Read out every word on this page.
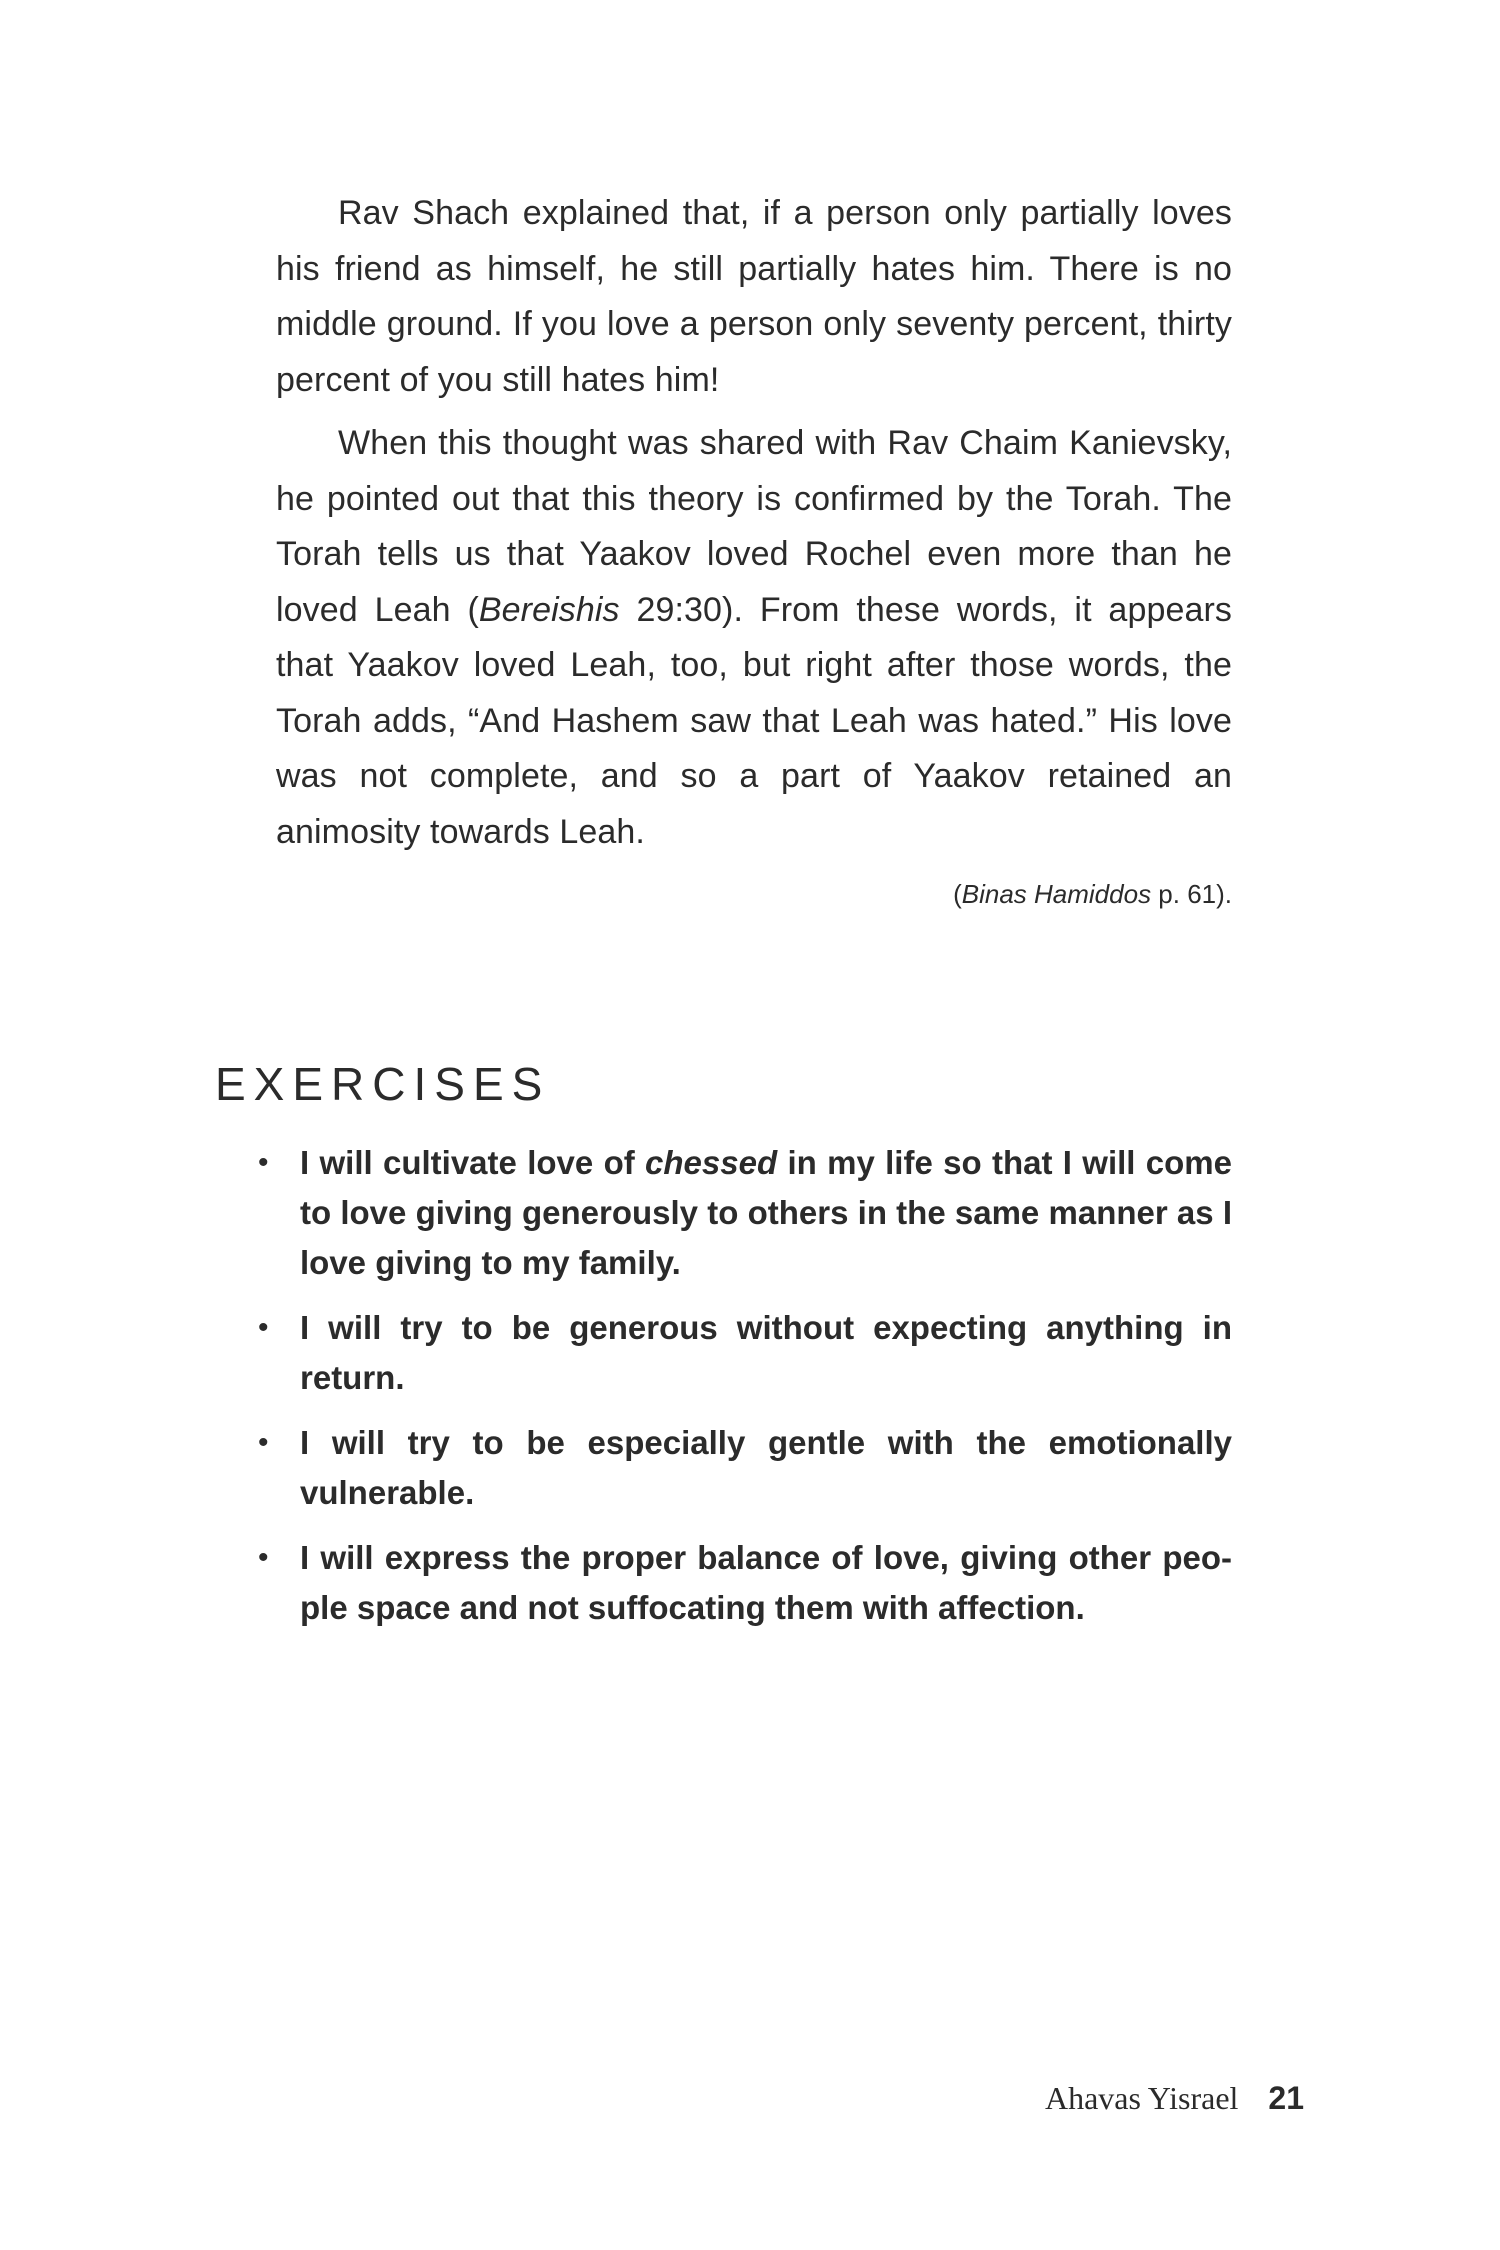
Rav Shach explained that, if a person only partially loves his friend as himself, he still partially hates him. There is no middle ground. If you love a person only seventy percent, thirty percent of you still hates him!

When this thought was shared with Rav Chaim Kanievsky, he pointed out that this theory is confirmed by the Torah. The Torah tells us that Yaakov loved Rochel even more than he loved Leah (Bereishis 29:30). From these words, it appears that Yaakov loved Leah, too, but right after those words, the Torah adds, “And Hashem saw that Leah was hated.” His love was not complete, and so a part of Yaakov retained an animosity towards Leah.

(Binas Hamiddos p. 61).
EXERCISES
• I will cultivate love of chessed in my life so that I will come to love giving generously to others in the same manner as I love giving to my family.
• I will try to be generous without expecting anything in return.
• I will try to be especially gentle with the emotionally vulnerable.
• I will express the proper balance of love, giving other peo-ple space and not suffocating them with affection.
Ahavas Yisrael 21
